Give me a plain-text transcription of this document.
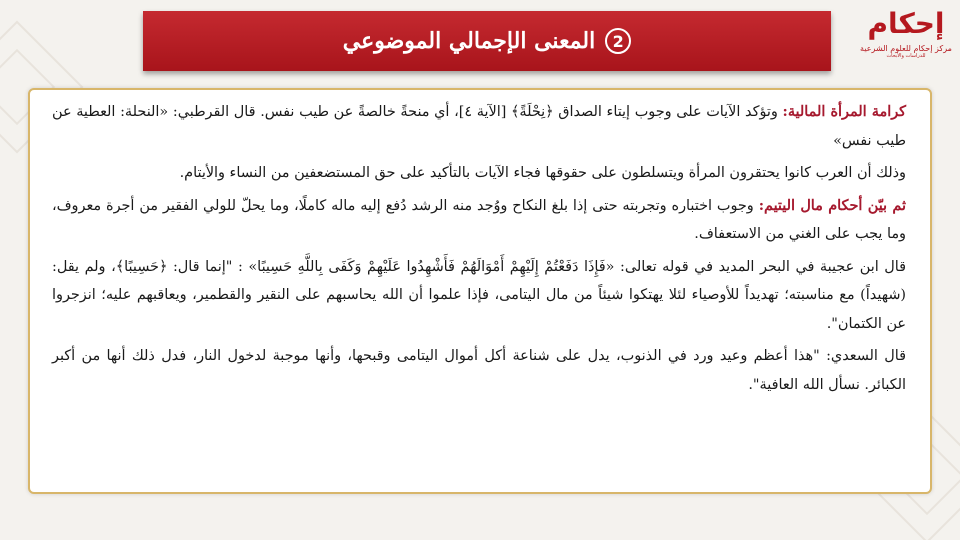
2
المعنى الإجمالي الموضوعي
إحكام
مركز إحكام للعلوم الشرعية
للدراسات والأبحاث

كرامة المرأة المالية: وتؤكد الآيات على وجوب إيتاء الصداق ﴿نِحْلَةً﴾ [الآية ٤]، أي منحةً خالصةً عن طيب نفس. قال القرطبي: «النحلة: العطية عن طيب نفس»

وذلك أن العرب كانوا يحتقرون المرأة ويتسلطون على حقوقها فجاء الآيات بالتأكيد على حق المستضعفين من النساء والأيتام.

ثم بيّن أحكام مال اليتيم: وجوب اختباره وتجربته حتى إذا بلغ النكاح ووُجد منه الرشد دُفع إليه ماله كاملًا، وما يحلّ للولي الفقير من أجرة معروف، وما يجب على الغني من الاستعفاف.

قال ابن عجيبة في البحر المديد في قوله تعالى: «فَإِذَا دَفَعْتُمْ إِلَيْهِمْ أَمْوَالَهُمْ فَأَشْهِدُوا عَلَيْهِمْ وَكَفَى بِاللَّهِ حَسِيبًا» : "إنما قال: ﴿حَسِيبًا﴾، ولم يقل: (شهيداً) مع مناسبته؛ تهديداً للأوصياء لئلا يهتكوا شيئاً من مال اليتامى، فإذا علموا أن الله يحاسبهم على النقير والقطمير، ويعاقبهم عليه؛ انزجروا عن الكتمان".

قال السعدي: "هذا أعظم وعيد ورد في الذنوب، يدل على شناعة أكل أموال اليتامى وقبحها، وأنها موجبة لدخول النار، فدل ذلك أنها من أكبر الكبائر. نسأل الله العافية".
